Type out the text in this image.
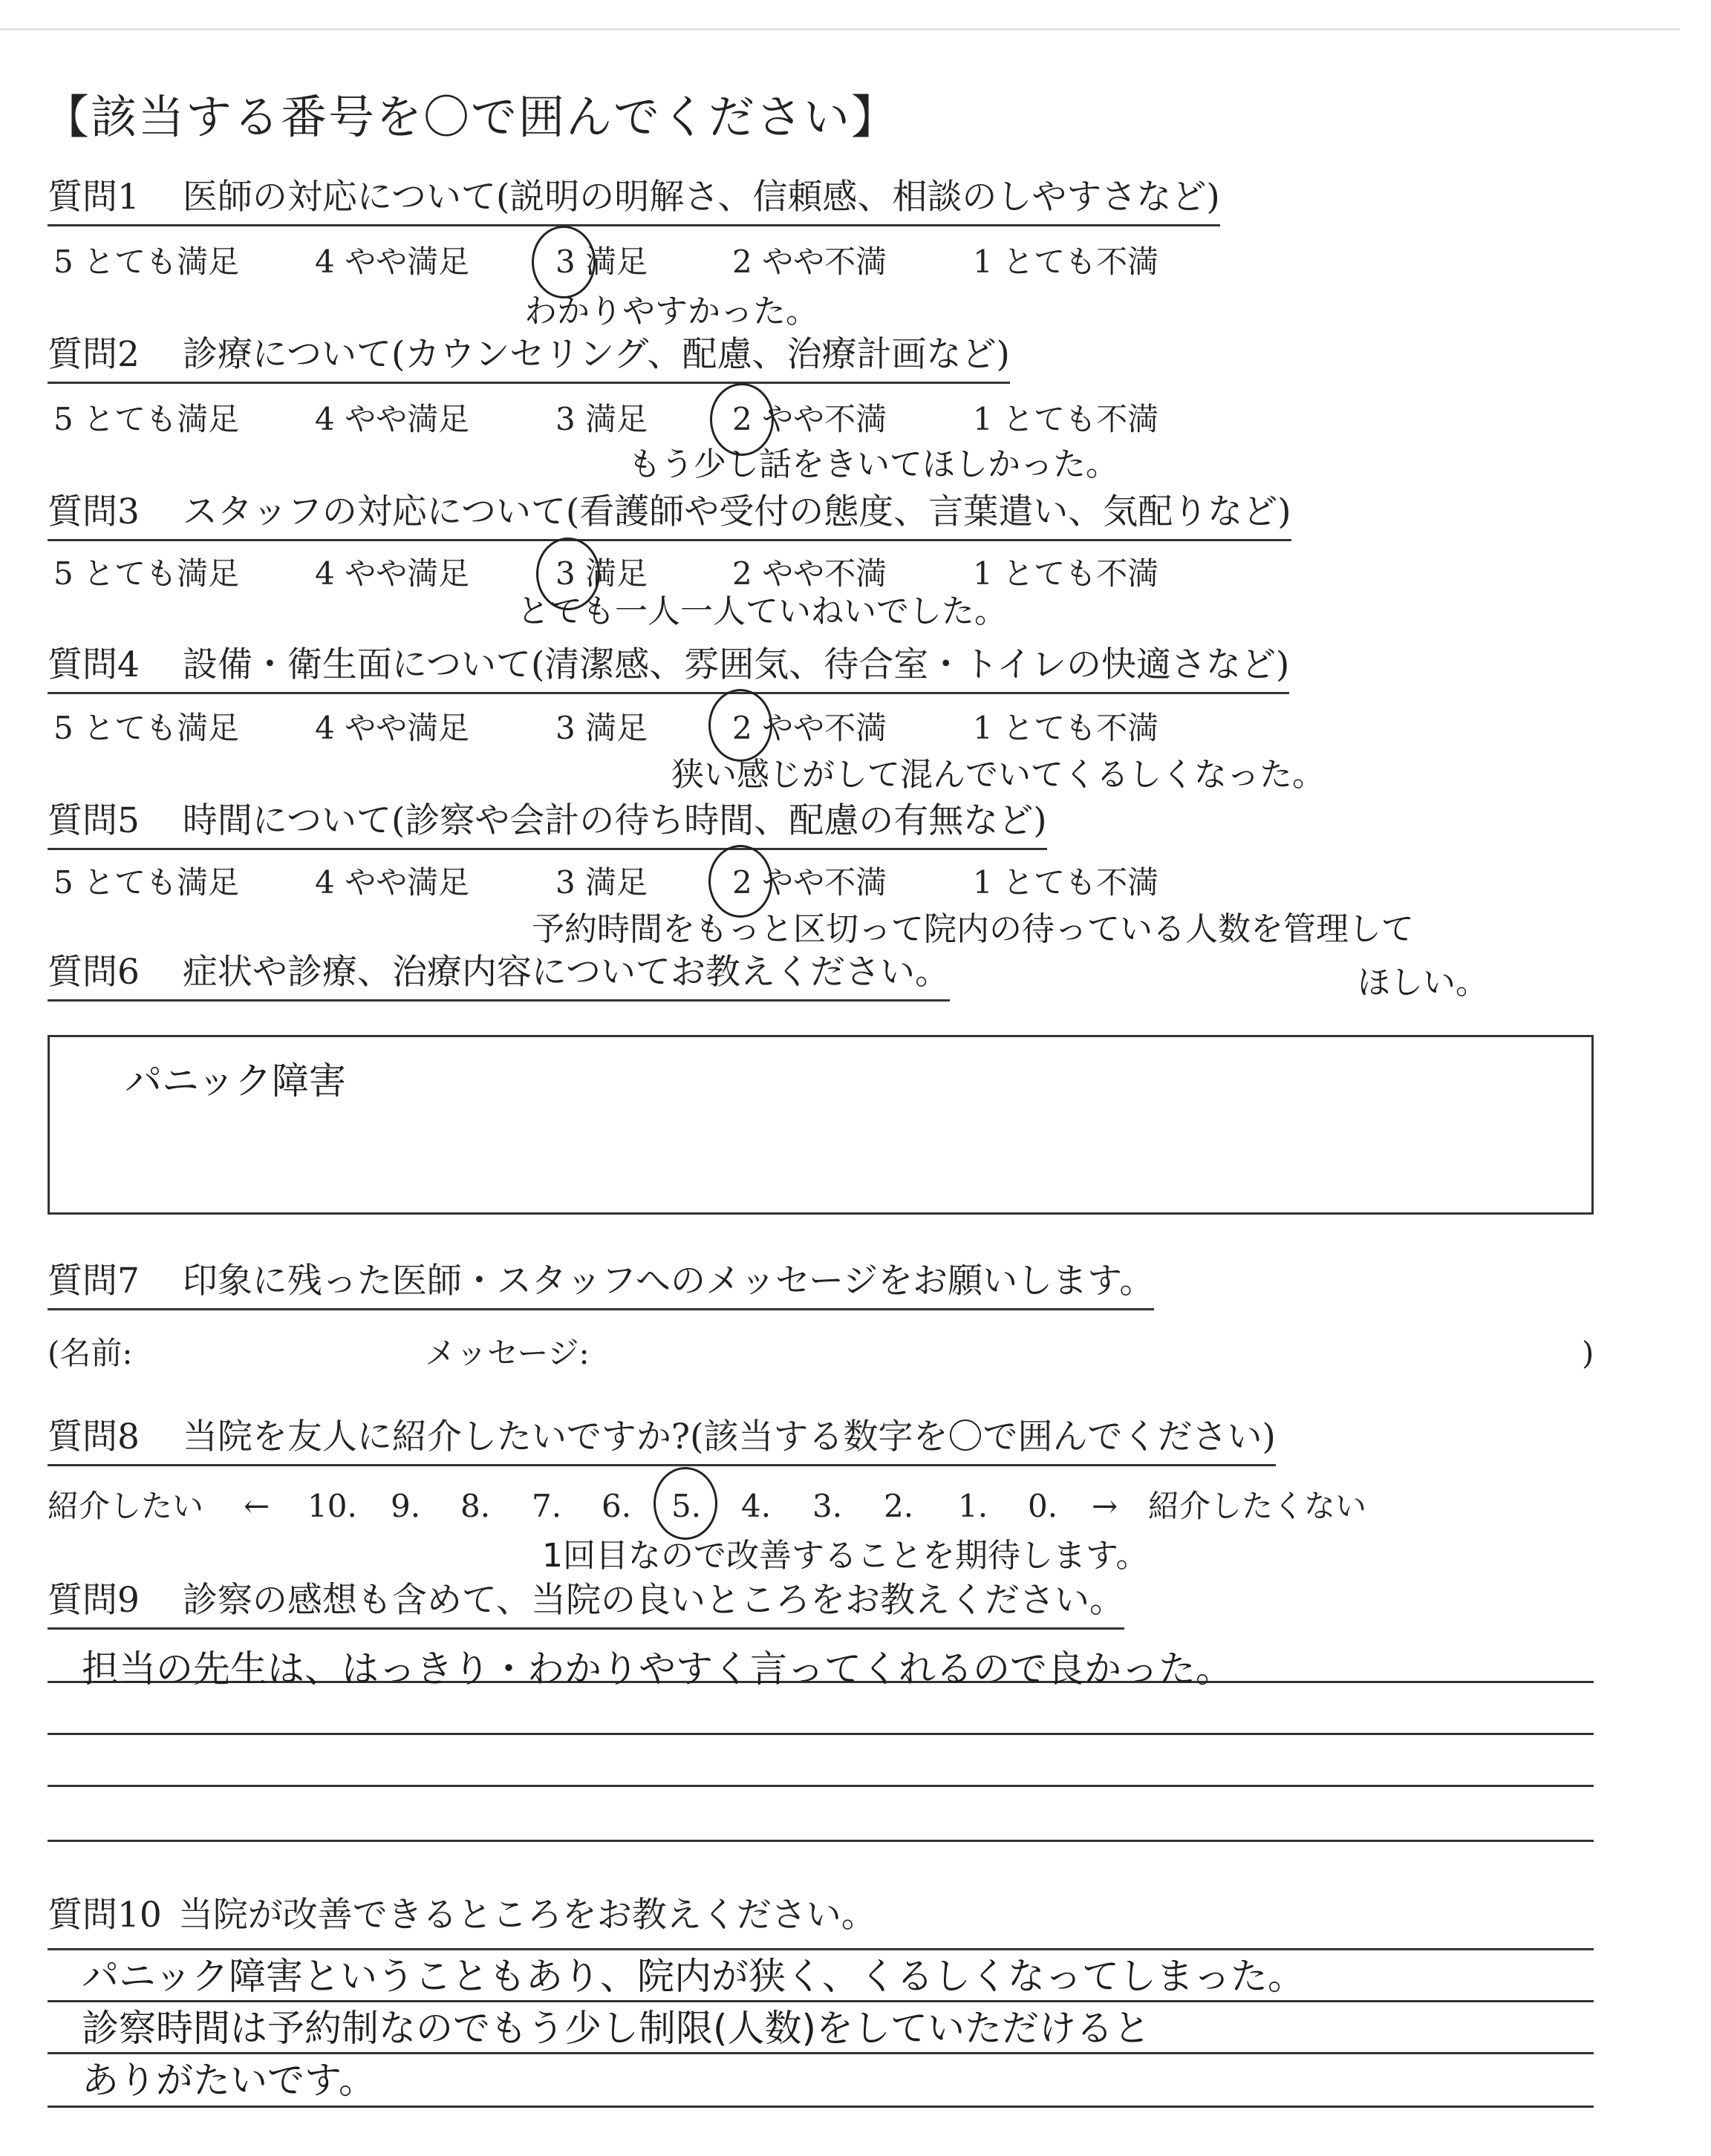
【該当する番号を〇で囲んでください】
質問1 医師の対応について(説明の明解さ、信頼感、相談のしやすさなど)
5 とても満足 4 やや満足	3 満足	2 やや不満	1 とても不満
わかりやすかった。
質問2 診療について(カウンセリング、配慮、治療計画など)
5 とても満足 4 やや満足	3 満足	2 やや不満	1 とても不満
もう少し話をきいてほしかった。
質問3 スタッフの対応について(看護師や受付の態度、言葉遣い、気配りなど)
5 とても満足 4 やや満足	3 満足	2 やや不満	1 とても不満
とても一人一人ていねいでした。
質問4 設備・衛生面について(清潔感、雰囲気、待合室・トイレの快適さなど)
5 とても満足 4 やや満足	3 満足	2 やや不満	1 とても不満
狭い感じがして混んでいてくるしくなった。
質問5 時間について(診察や会計の待ち時間、配慮の有無など)
5 とても満足 4 やや満足	3 満足	2 やや不満	1 とても不満
予約時間をもっと区切って院内の待っている人数を管理して
ほしい。
質問6 症状や診療、治療内容についてお教えください。
パニック障害
質問7 印象に残った医師・スタッフへのメッセージをお願いします。
(名前:	メッセージ:	)
質問8 当院を友人に紹介したいですか?(該当する数字を〇で囲んでください)
紹介したい ← 10. 9. 8. 7. 6. 5. 4. 3. 2. 1. 0. → 紹介したくない
1回目なので改善することを期待します。
質問9 診察の感想も含めて、当院の良いところをお教えください。
担当の先生は、はっきり・わかりやすく言ってくれるので良かった。
質問10 当院が改善できるところをお教えください。
パニック障害ということもあり、院内が狭く、くるしくなってしまった。
診察時間は予約制なのでもう少し制限(人数)をしていただけると
ありがたいです。
